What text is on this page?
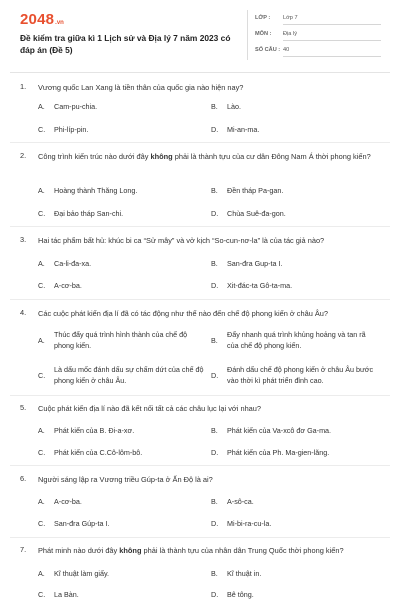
2048.vn
Đề kiểm tra giữa kì 1 Lịch sử và Địa lý 7 năm 2023 có đáp án (Đề 5)
LỚP : Lớp 7
MÔN : Địa lý
SỐ CÂU : 40
1. Vương quốc Lan Xang là tiền thân của quốc gia nào hiện nay?
A. Cam-pu-chia.	B. Lào.
C. Phi-líp-pin.	D. Mi-an-ma.
2. Công trình kiến trúc nào dưới đây không phải là thành tựu của cư dân Đông Nam Á thời phong kiến?
A. Hoàng thành Thăng Long.	B. Đền tháp Pa-gan.
C. Đại bảo tháp San-chi.	D. Chùa Suê-đa-gon.
3. Hai tác phẩm bất hủ: khúc bi ca “Sử mây” và vở kịch “So-cun-nơ-la” là của tác giả nào?
A. Ca-li-đa-xa.	B. San-đra Gup-ta I.
C. A-cơ-ba.	D. Xit-đác-ta Gô-ta-ma.
4. Các cuộc phát kiến địa lí đã có tác động như thế nào đến chế độ phong kiến ở châu Âu?
A.
Thúc đẩy quá trình hình thành của chế độ phong kiến.
B.
Đẩy nhanh quá trình khủng hoảng và tan rã của chế độ phong kiến.
C.
Là dấu mốc đánh dấu sự chấm dứt của chế độ phong kiến ở châu Âu.
D.
Đánh dấu chế độ phong kiến ở châu Âu bước vào thời kì phát triển đỉnh cao.
5. Cuộc phát kiến địa lí nào đã kết nối tất cả các châu lục lại với nhau?
A. Phát kiến của B. Đi-a-xơ.	B. Phát kiến của Va-xcô đơ Ga-ma.
C. Phát kiến của C.Cô-lôm-bô.	D. Phát kiến của Ph. Ma-gien-lăng.
6. Người sáng lập ra Vương triều Gúp-ta ở Ấn Độ là ai?
A. A-cơ-ba.	B. A-sô-ca.
C. San-đra Gúp-ta I.	D. Mi-bi-ra-cu-la.
7. Phát minh nào dưới đây không phải là thành tựu của nhân dân Trung Quốc thời phong kiến?
A. Kĩ thuật làm giấy.	B. Kĩ thuật in.
C. La Bàn.	D. Bê tông.
